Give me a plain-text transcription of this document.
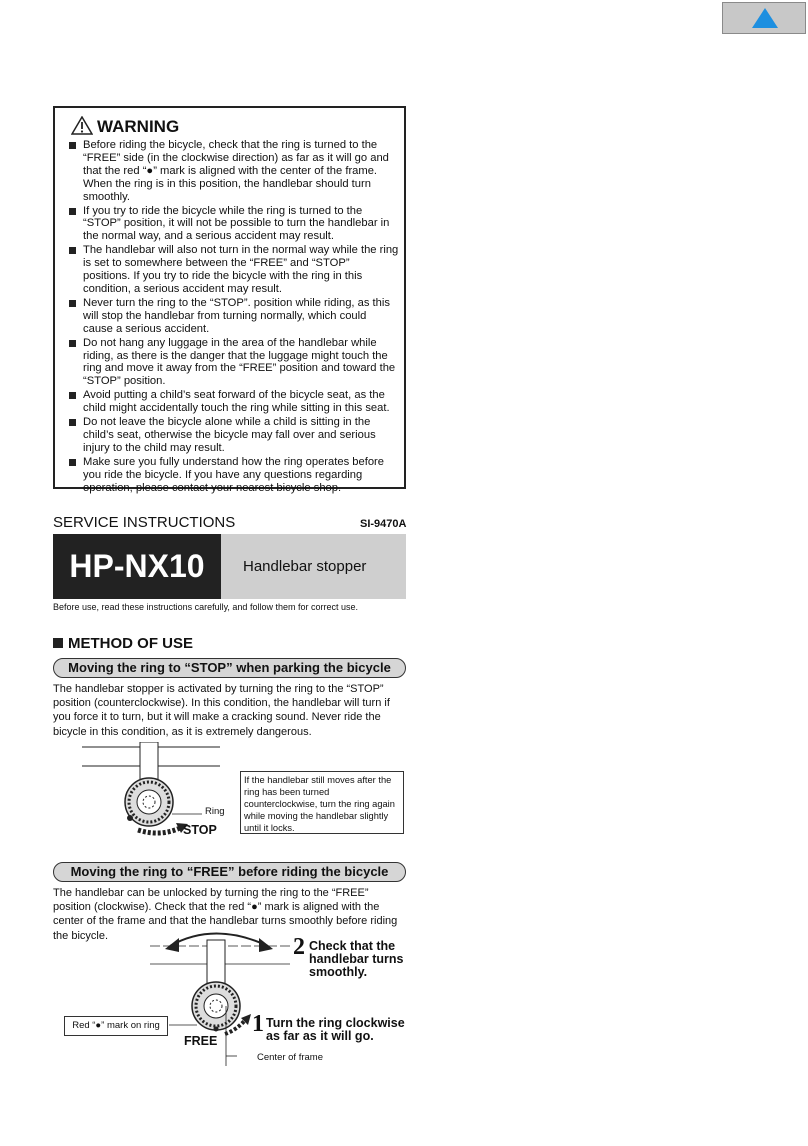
WARNING
Before riding the bicycle, check that the ring is turned to the “FREE” side (in the clockwise direction) as far as it will go and that the red “●” mark is aligned with the center of the frame. When the ring is in this position, the handlebar should turn smoothly.
If you try to ride the bicycle while the ring is turned to the “STOP” position, it will not be possible to turn the handlebar in the normal way, and a serious accident may result.
The handlebar will also not turn in the normal way while the ring is set to somewhere between the “FREE” and “STOP” positions. If you try to ride the bicycle with the ring in this condition, a serious accident may result.
Never turn the ring to the “STOP”. position while riding, as this will stop the handlebar from turning normally, which could cause a serious accident.
Do not hang any luggage in the area of the handlebar while riding, as there is the danger that the luggage might touch the ring and move it away from the “FREE” position and toward the “STOP” position.
Avoid putting a child’s seat forward of the bicycle seat, as the child might accidentally touch the ring while sitting in this seat.
Do not leave the bicycle alone while a child is sitting in the child’s seat, otherwise the bicycle may fall over and serious injury to the child may result.
Make sure you fully understand how the ring operates before you ride the bicycle. If you have any questions regarding operation, please contact your nearest bicycle shop.
SERVICE INSTRUCTIONS	SI-9470A
HP-NX10	Handlebar stopper
Before use, read these instructions carefully, and follow them for correct use.
METHOD OF USE
Moving the ring to “STOP” when parking the bicycle
The handlebar stopper is activated by turning the ring to the “STOP” position (counterclockwise). In this condition, the handlebar will turn if you force it to turn, but it will make a cracking sound. Never ride the bicycle in this condition, as it is extremely dangerous.
Ring
STOP
If the handlebar still moves after the ring has been turned counterclockwise, turn the ring again while moving the handlebar slightly until it locks.
Moving the ring to “FREE” before riding the bicycle
The handlebar can be unlocked by turning the ring to the “FREE” position (clockwise). Check that the red “●” mark is aligned with the center of the frame and that the handlebar turns smoothly before riding the bicycle.	2 Check that the handlebar turns smoothly.
1 Turn the ring clockwise as far as it will go.
Red “●” mark on ring
FREE
Center of frame
